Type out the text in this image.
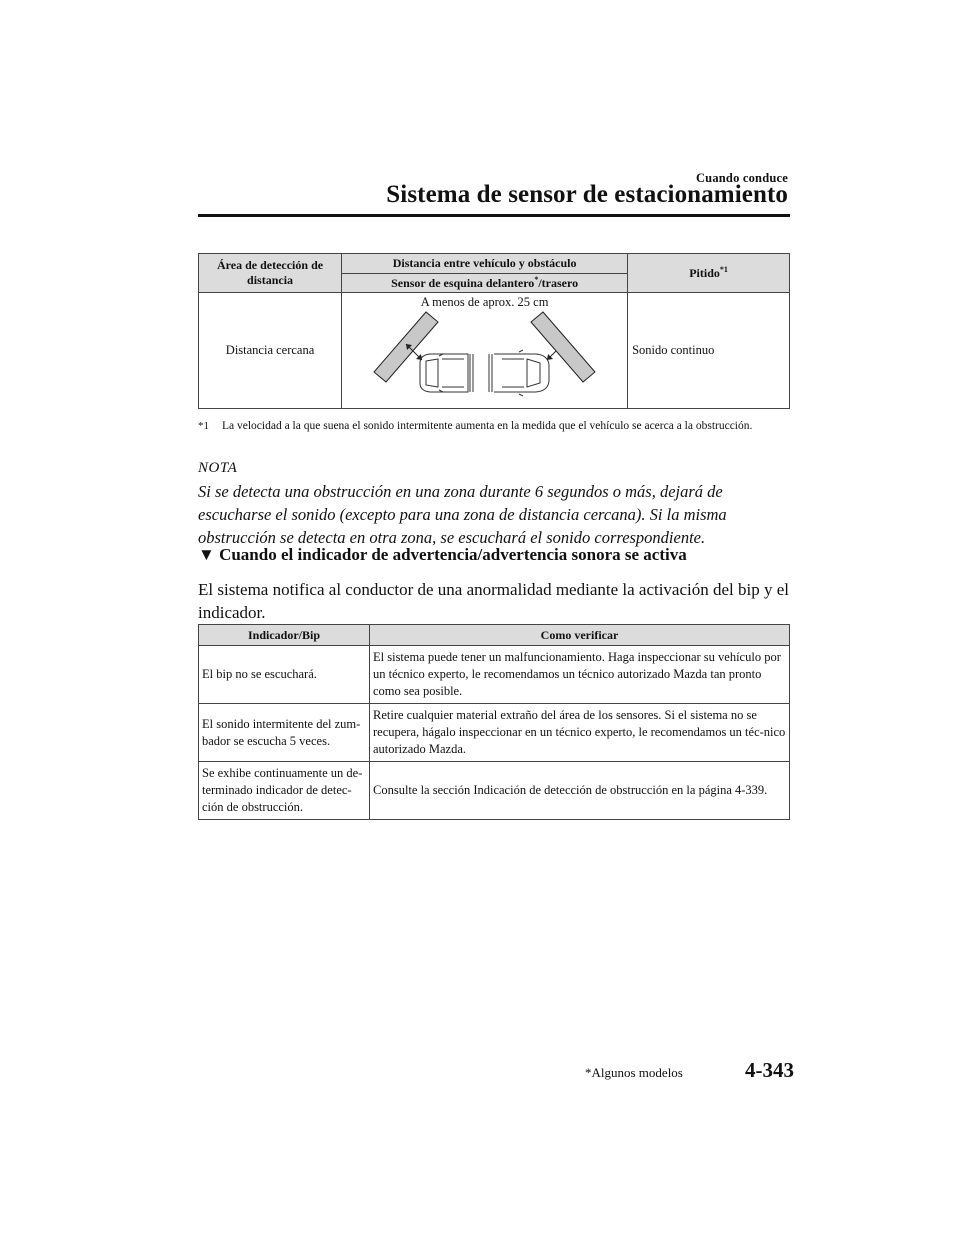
Cuando conduce
Sistema de sensor de estacionamiento
Área de detección de distancia	Distancia entre vehículo y obstáculo	Pitido$^{*1}$
	Sensor de esquina delantero*/trasero	
Distancia cercana	A menos de aprox. 25 cm	Sonido continuo
*1 La velocidad a la que suena el sonido intermitente aumenta en la medida que el vehículo se acerca a la obstrucción.
NOTA
Si se detecta una obstrucción en una zona durante 6 segundos o más, dejará de escucharse el sonido (excepto para una zona de distancia cercana). Si la misma obstrucción se detecta en otra zona, se escuchará el sonido correspondiente.
▼ Cuando el indicador de advertencia/advertencia sonora se activa
El sistema notifica al conductor de una anormalidad mediante la activación del bip y el indicador.
Indicador/Bip	Como verificar
El bip no se escuchará.	El sistema puede tener un malfuncionamiento. Haga inspeccionar su vehículo por un técnico experto, le recomendamos un técnico autorizado Mazda tan pronto como sea posible.
El sonido intermitente del zum-bador se escucha 5 veces.	Retire cualquier material extraño del área de los sensores. Si el sistema no se recupera, hágalo inspeccionar en un técnico experto, le recomendamos un téc-nico autorizado Mazda.
Se exhibe continuamente un de-terminado indicador de detec-ción de obstrucción.	Consulte la sección Indicación de detección de obstrucción en la página 4-339.
*Algunos modelos	4-343
